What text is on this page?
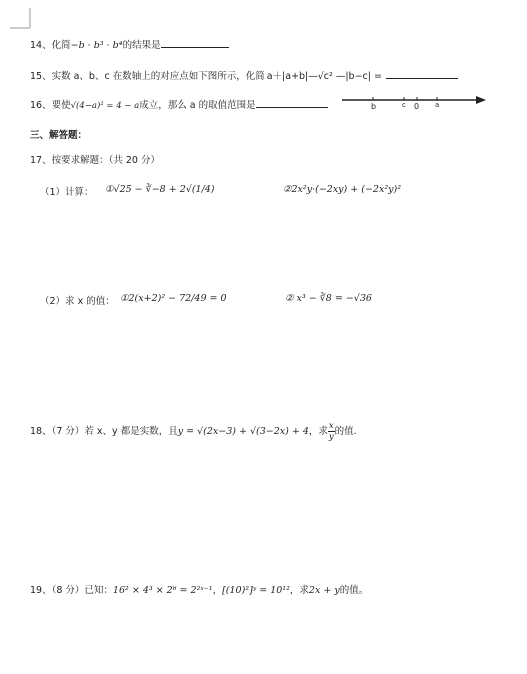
14、化简−b · b³ · b⁴的结果是
15、实数 a、b、c 在数轴上的对应点如下图所示，化简 a＋|a+b|—√c² —|b−c| =
16、要使√(4−a)² = 4 − a成立，那么 a 的取值范围是	b	c 0 a
三、解答题：
17、按要求解题：（共 20 分）
（1）计算： ①√25 − ∛−8 + 2√(1/4)	②2x²y·(−2xy) + (−2x²y)²
（2）求 x 的值： ①2(x+2)² − 72/49 = 0	② x³ − ∛8 = −√36
18、（7 分）若 x、y 都是实数，且y = √(2x−3) + √(3−2x) + 4，求 $\frac{x}{y}$ 的值.
19、（8 分）已知：16² × 4³ × 2⁶ = 2²ˣ⁻¹，[(10)²]ʸ = 10¹²，求2x + y的值。
